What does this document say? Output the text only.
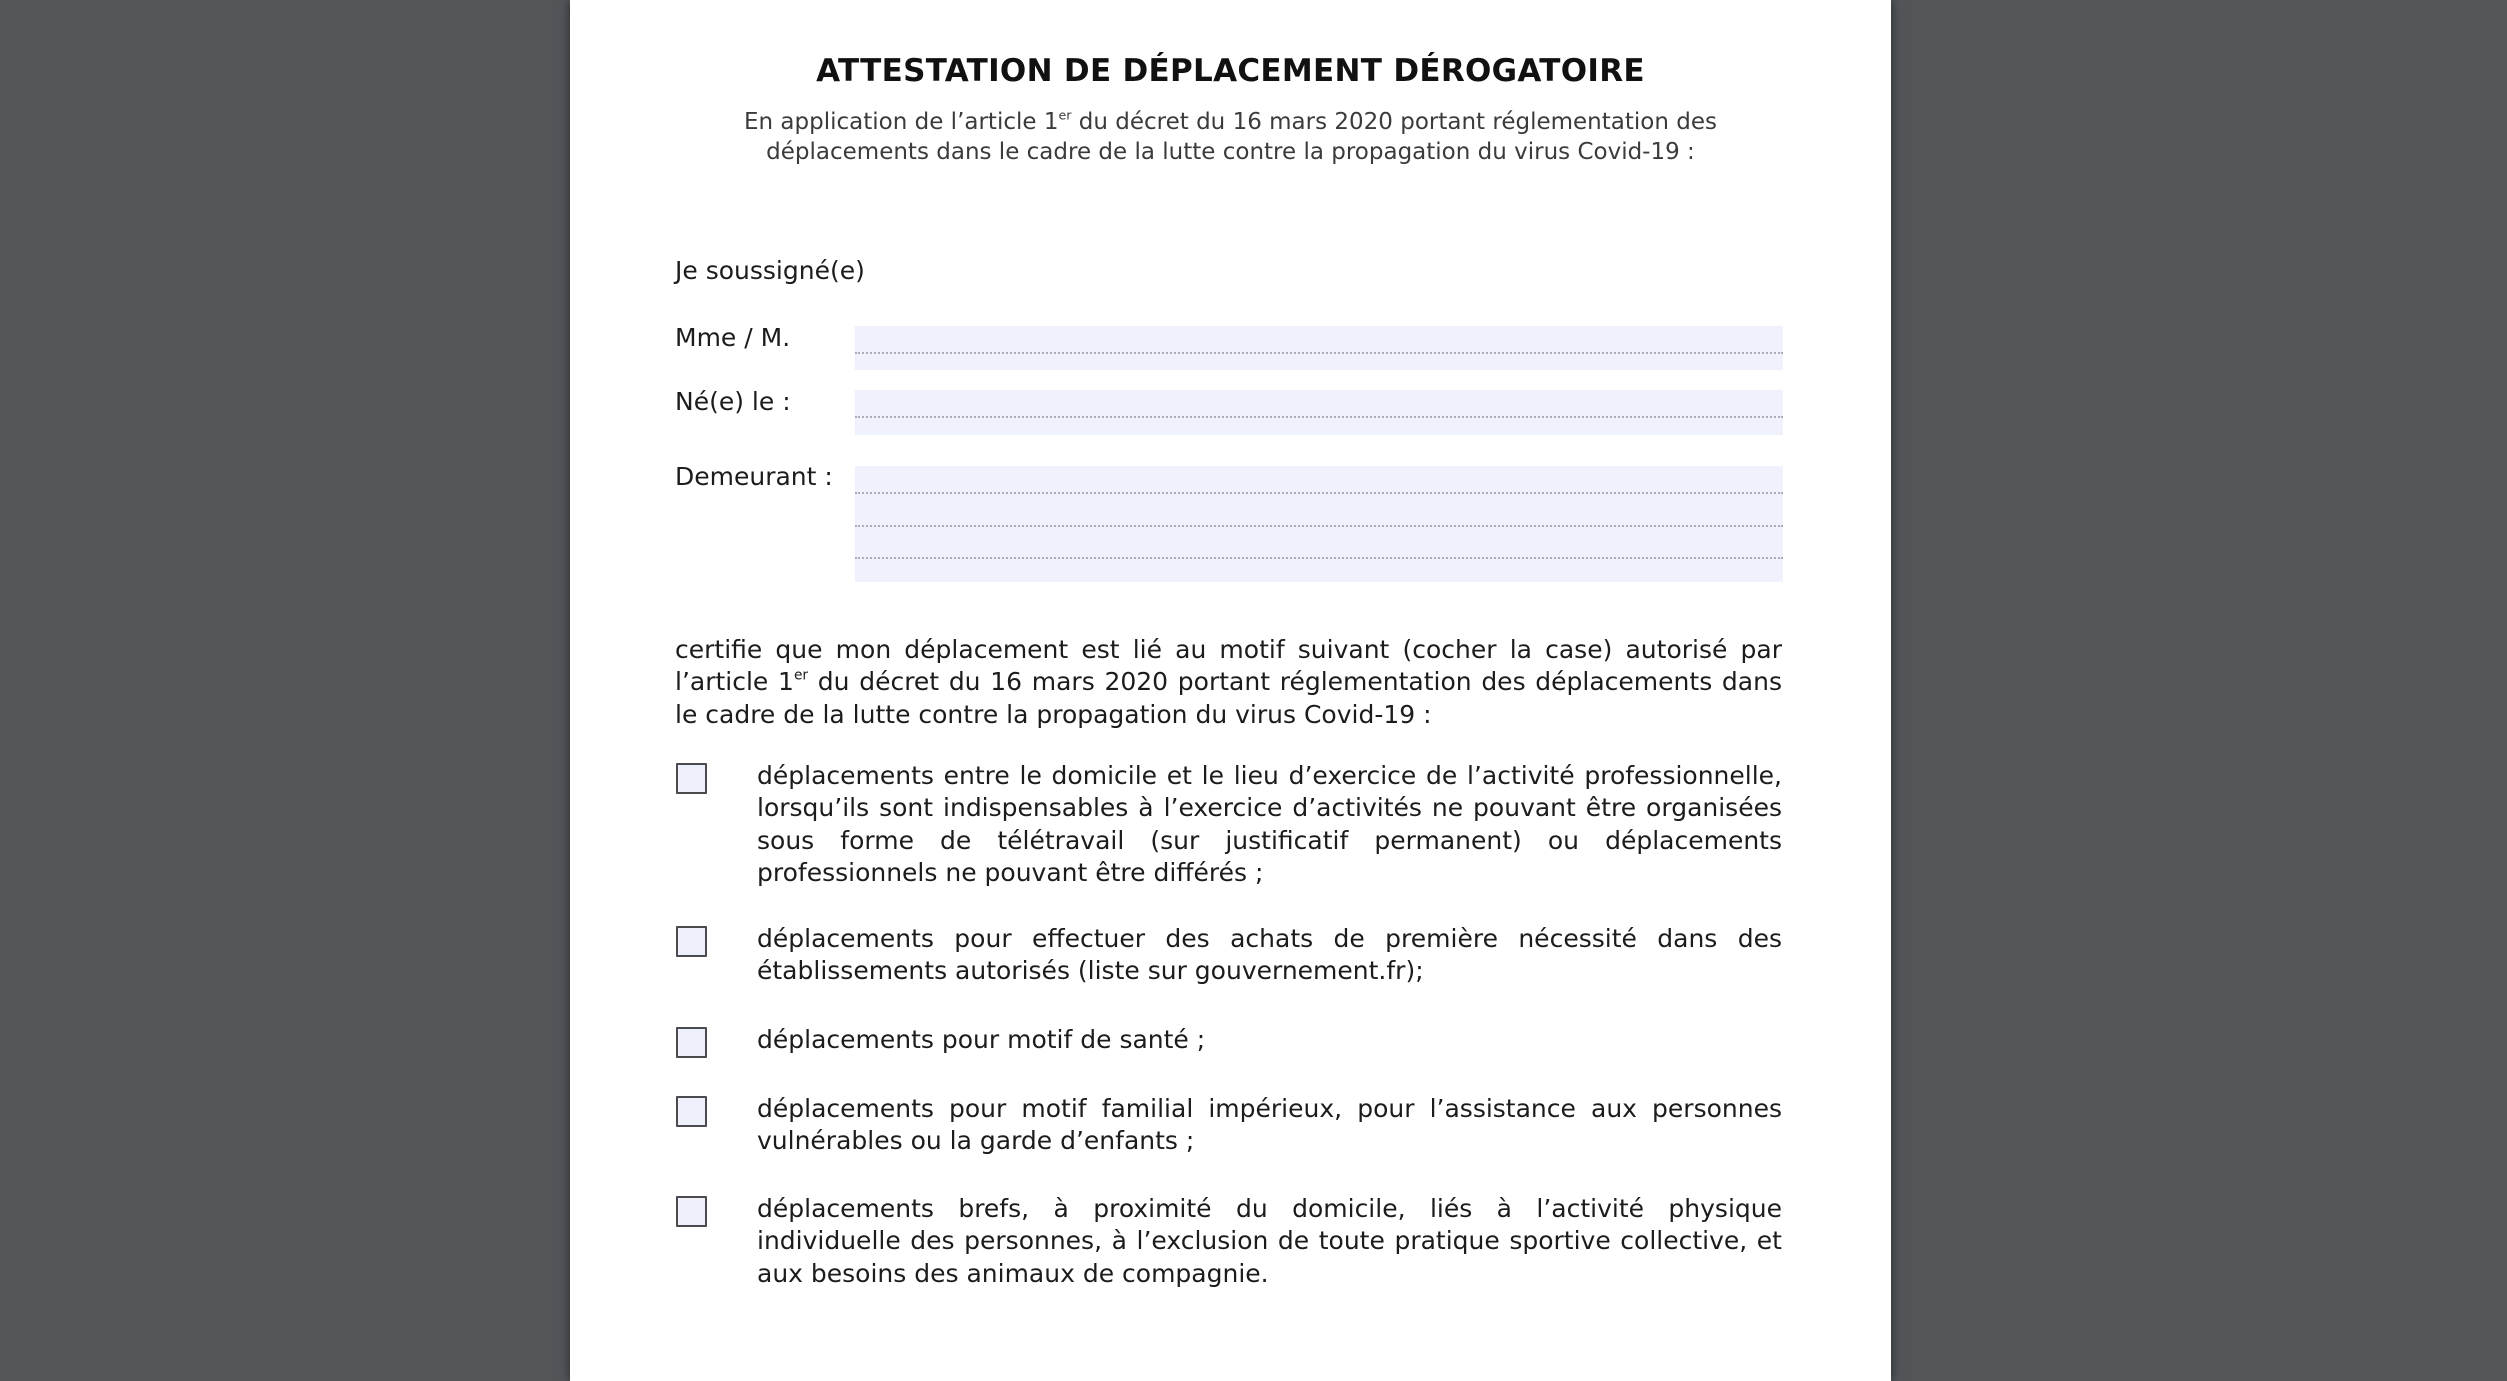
ATTESTATION DE DÉPLACEMENT DÉROGATOIRE
En application de l’article 1er du décret du 16 mars 2020 portant réglementation des
déplacements dans le cadre de la lutte contre la propagation du virus Covid-19 :
Je soussigné(e)
Mme / M.
Né(e) le :
Demeurant :
certifie que mon déplacement est lié au motif suivant (cocher la case) autorisé par l’article 1er du décret du 16 mars 2020 portant réglementation des déplacements dans le cadre de la lutte contre la propagation du virus Covid-19 :
déplacements entre le domicile et le lieu d’exercice de l’activité professionnelle, lorsqu’ils sont indispensables à l’exercice d’activités ne pouvant être organisées sous forme de télétravail (sur justificatif permanent) ou déplacements professionnels ne pouvant être différés ;
déplacements pour effectuer des achats de première nécessité dans des établissements autorisés (liste sur gouvernement.fr);
déplacements pour motif de santé ;
déplacements pour motif familial impérieux, pour l’assistance aux personnes vulnérables ou la garde d’enfants ;
déplacements brefs, à proximité du domicile, liés à l’activité physique individuelle des personnes, à l’exclusion de toute pratique sportive collective, et aux besoins des animaux de compagnie.
